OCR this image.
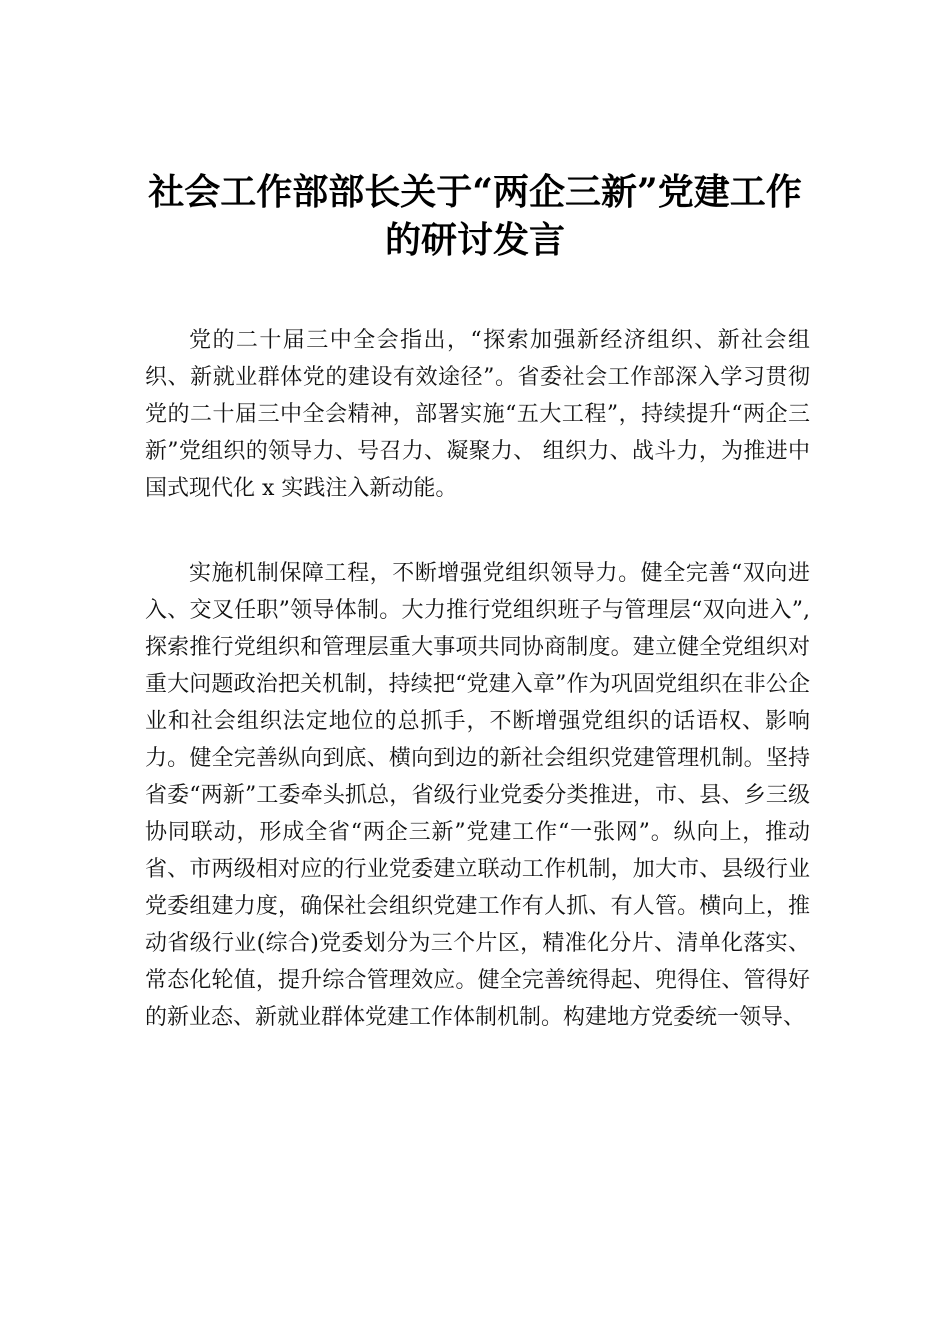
社会工作部部长关于“两企三新”党建工作
的研讨发言

党的二十届三中全会指出，“探索加强新经济组织、新社会组织、新就业群体党的建设有效途径”。省委社会工作部深入学习贯彻党的二十届三中全会精神，部署实施“五大工程”，持续提升“两企三新”党组织的领导力、号召力、凝聚力、 组织力、战斗力，为推进中国式现代化 x 实践注入新动能。

实施机制保障工程，不断增强党组织领导力。健全完善“双向进入、交叉任职”领导体制。大力推行党组织班子与管理层“双向进入”,探索推行党组织和管理层重大事项共同协商制度。建立健全党组织对重大问题政治把关机制，持续把“党建入章”作为巩固党组织在非公企业和社会组织法定地位的总抓手，不断增强党组织的话语权、影响力。健全完善纵向到底、横向到边的新社会组织党建管理机制。坚持省委“两新”工委牵头抓总，省级行业党委分类推进，市、县、乡三级协同联动，形成全省“两企三新”党建工作“一张网”。纵向上，推动省、市两级相对应的行业党委建立联动工作机制，加大市、县级行业党委组建力度，确保社会组织党建工作有人抓、有人管。横向上，推动省级行业(综合)党委划分为三个片区，精准化分片、清单化落实、常态化轮值，提升综合管理效应。健全完善统得起、兜得住、管得好的新业态、新就业群体党建工作体制机制。构建地方党委统一领导、
